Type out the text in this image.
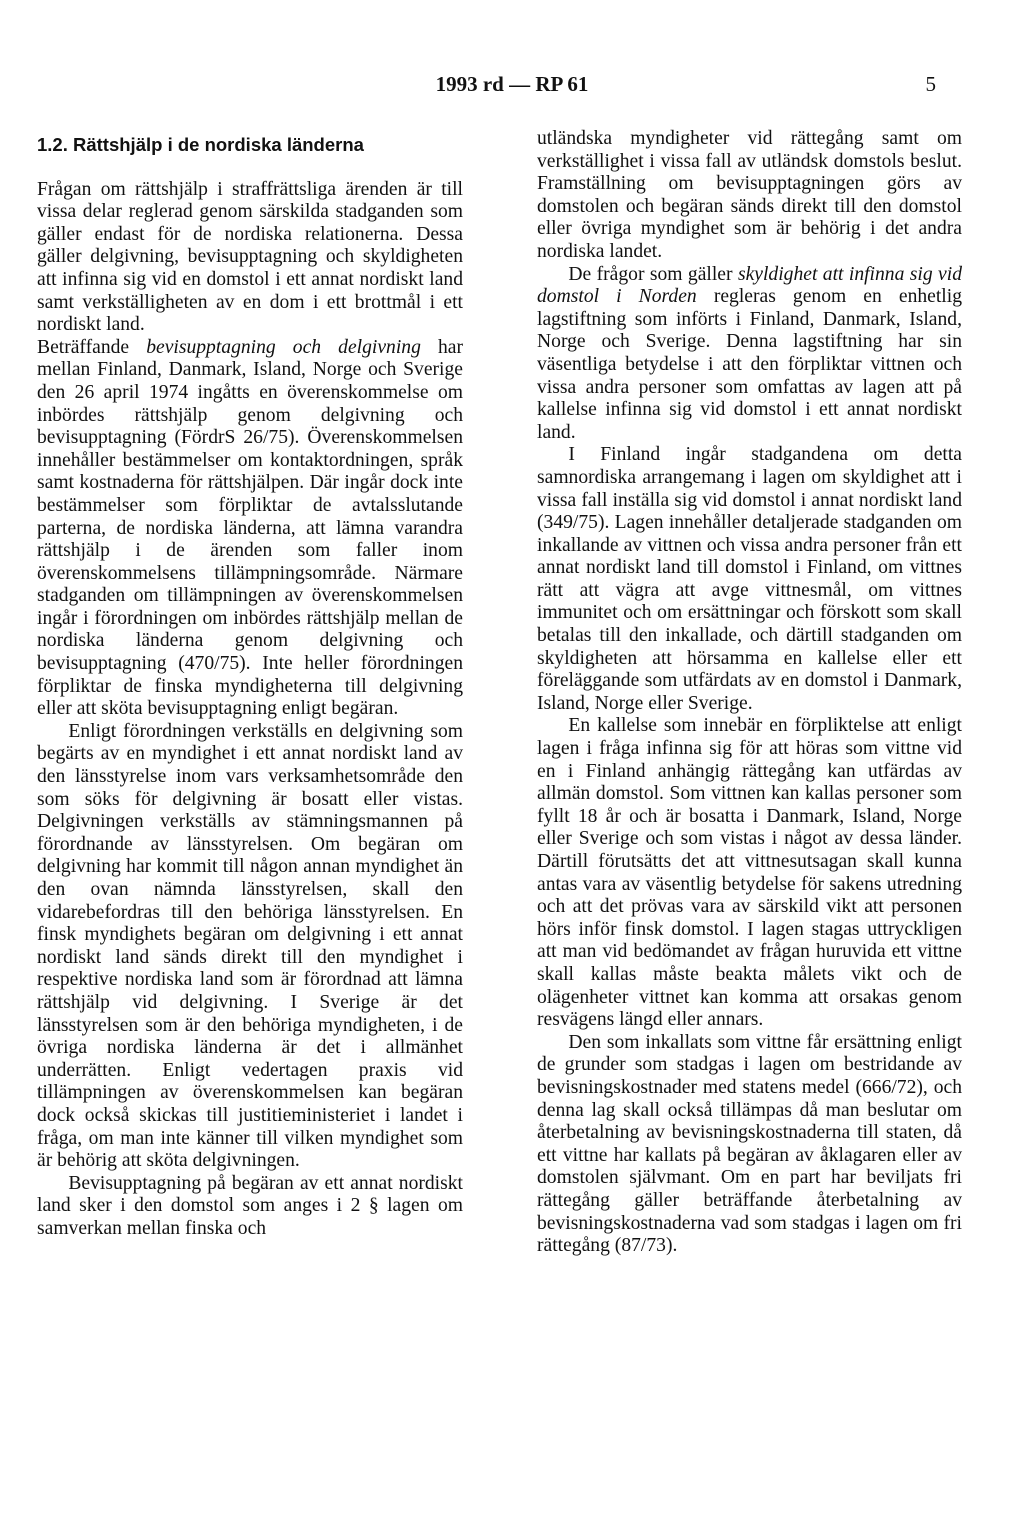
1993 rd — RP 61	5
1.2. Rättshjälp i de nordiska länderna

Frågan om rättshjälp i straffrättsliga ärenden är till vissa delar reglerad genom särskilda stadganden som gäller endast för de nordiska relationerna. Dessa gäller delgivning, bevisupptagning och skyldigheten att infinna sig vid en domstol i ett annat nordiskt land samt verkställigheten av en dom i ett brottmål i ett nordiskt land.

Beträffande bevisupptagning och delgivning har mellan Finland, Danmark, Island, Norge och Sverige den 26 april 1974 ingåtts en överenskommelse om inbördes rättshjälp genom delgivning och bevisupptagning (FördrS 26/75). Överenskommelsen innehåller bestämmelser om kontaktordningen, språk samt kostnaderna för rättshjälpen. Där ingår dock inte bestämmelser som förpliktar de avtalsslutande parterna, de nordiska länderna, att lämna varandra rättshjälp i de ärenden som faller inom överenskommelsens tillämpningsområde. Närmare stadganden om tillämpningen av överenskommelsen ingår i förordningen om inbördes rättshjälp mellan de nordiska länderna genom delgivning och bevisupptagning (470/75). Inte heller förordningen förpliktar de finska myndigheterna till delgivning eller att sköta bevisupptagning enligt begäran.

Enligt förordningen verkställs en delgivning som begärts av en myndighet i ett annat nordiskt land av den länsstyrelse inom vars verksamhetsområde den som söks för delgivning är bosatt eller vistas. Delgivningen verkställs av stämningsmannen på förordnande av länsstyrelsen. Om begäran om delgivning har kommit till någon annan myndighet än den ovan nämnda länsstyrelsen, skall den vidarebefordras till den behöriga länsstyrelsen. En finsk myndighets begäran om delgivning i ett annat nordiskt land sänds direkt till den myndighet i respektive nordiska land som är förordnad att lämna rättshjälp vid delgivning. I Sverige är det länsstyrelsen som är den behöriga myndigheten, i de övriga nordiska länderna är det i allmänhet underrätten. Enligt vedertagen praxis vid tillämpningen av överenskommelsen kan begäran dock också skickas till justitieministeriet i landet i fråga, om man inte känner till vilken myndighet som är behörig att sköta delgivningen.

Bevisupptagning på begäran av ett annat nordiskt land sker i den domstol som anges i 2 § lagen om samverkan mellan finska och

utländska myndigheter vid rättegång samt om verkställighet i vissa fall av utländsk domstols beslut. Framställning om bevisupptagningen görs av domstolen och begäran sänds direkt till den domstol eller övriga myndighet som är behörig i det andra nordiska landet.

De frågor som gäller skyldighet att infinna sig vid domstol i Norden regleras genom en enhetlig lagstiftning som införts i Finland, Danmark, Island, Norge och Sverige. Denna lagstiftning har sin väsentliga betydelse i att den förpliktar vittnen och vissa andra personer som omfattas av lagen att på kallelse infinna sig vid domstol i ett annat nordiskt land.

I Finland ingår stadgandena om detta samnordiska arrangemang i lagen om skyldighet att i vissa fall inställa sig vid domstol i annat nordiskt land (349/75). Lagen innehåller detaljerade stadganden om inkallande av vittnen och vissa andra personer från ett annat nordiskt land till domstol i Finland, om vittnes rätt att vägra att avge vittnesmål, om vittnes immunitet och om ersättningar och förskott som skall betalas till den inkallade, och därtill stadganden om skyldigheten att hörsamma en kallelse eller ett föreläggande som utfärdats av en domstol i Danmark, Island, Norge eller Sverige.

En kallelse som innebär en förpliktelse att enligt lagen i fråga infinna sig för att höras som vittne vid en i Finland anhängig rättegång kan utfärdas av allmän domstol. Som vittnen kan kallas personer som fyllt 18 år och är bosatta i Danmark, Island, Norge eller Sverige och som vistas i något av dessa länder. Därtill förutsätts det att vittnesutsagan skall kunna antas vara av väsentlig betydelse för sakens utredning och att det prövas vara av särskild vikt att personen hörs inför finsk domstol. I lagen stagas uttryckligen att man vid bedömandet av frågan huruvida ett vittne skall kallas måste beakta målets vikt och de olägenheter vittnet kan komma att orsakas genom resvägens längd eller annars.

Den som inkallats som vittne får ersättning enligt de grunder som stadgas i lagen om bestridande av bevisningskostnader med statens medel (666/72), och denna lag skall också tillämpas då man beslutar om återbetalning av bevisningskostnaderna till staten, då ett vittne har kallats på begäran av åklagaren eller av domstolen självmant. Om en part har beviljats fri rättegång gäller beträffande återbetalning av bevisningskostnaderna vad som stadgas i lagen om fri rättegång (87/73).
